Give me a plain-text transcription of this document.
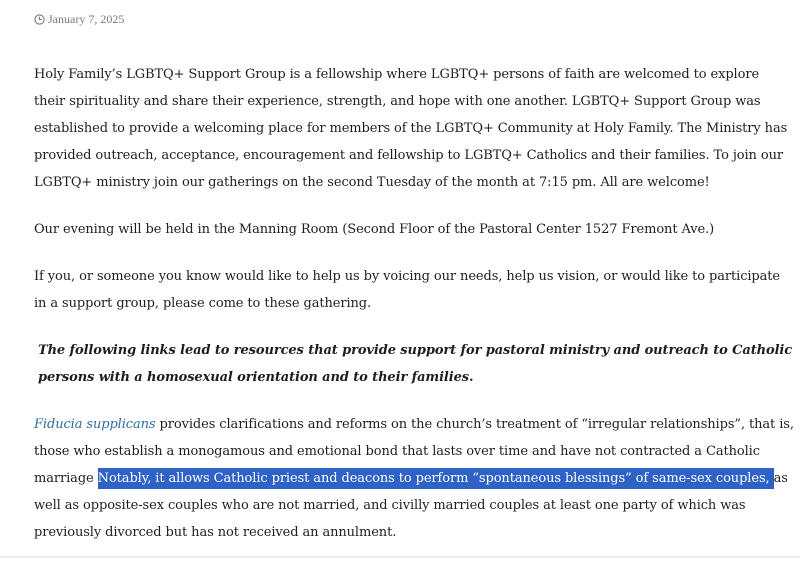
January 7, 2025

Holy Family’s LGBTQ+ Support Group is a fellowship where LGBTQ+ persons of faith are welcomed to explore their spirituality and share their experience, strength, and hope with one another. LGBTQ+ Support Group was established to provide a welcoming place for members of the LGBTQ+ Community at Holy Family. The Ministry has provided outreach, acceptance, encouragement and fellowship to LGBTQ+ Catholics and their families. To join our LGBTQ+ ministry join our gatherings on the second Tuesday of the month at 7:15 pm. All are welcome!

Our evening will be held in the Manning Room (Second Floor of the Pastoral Center 1527 Fremont Ave.)

If you, or someone you know would like to help us by voicing our needs, help us vision, or would like to participate in a support group, please come to these gathering.

The following links lead to resources that provide support for pastoral ministry and outreach to Catholic persons with a homosexual orientation and to their families.

Fiducia supplicans provides clarifications and reforms on the church’s treatment of “irregular relationships”, that is, those who establish a monogamous and emotional bond that lasts over time and have not contracted a Catholic marriage Notably, it allows Catholic priest and deacons to perform “spontaneous blessings” of same-sex couples, as well as opposite-sex couples who are not married, and civilly married couples at least one party of which was previously divorced but has not received an annulment.
